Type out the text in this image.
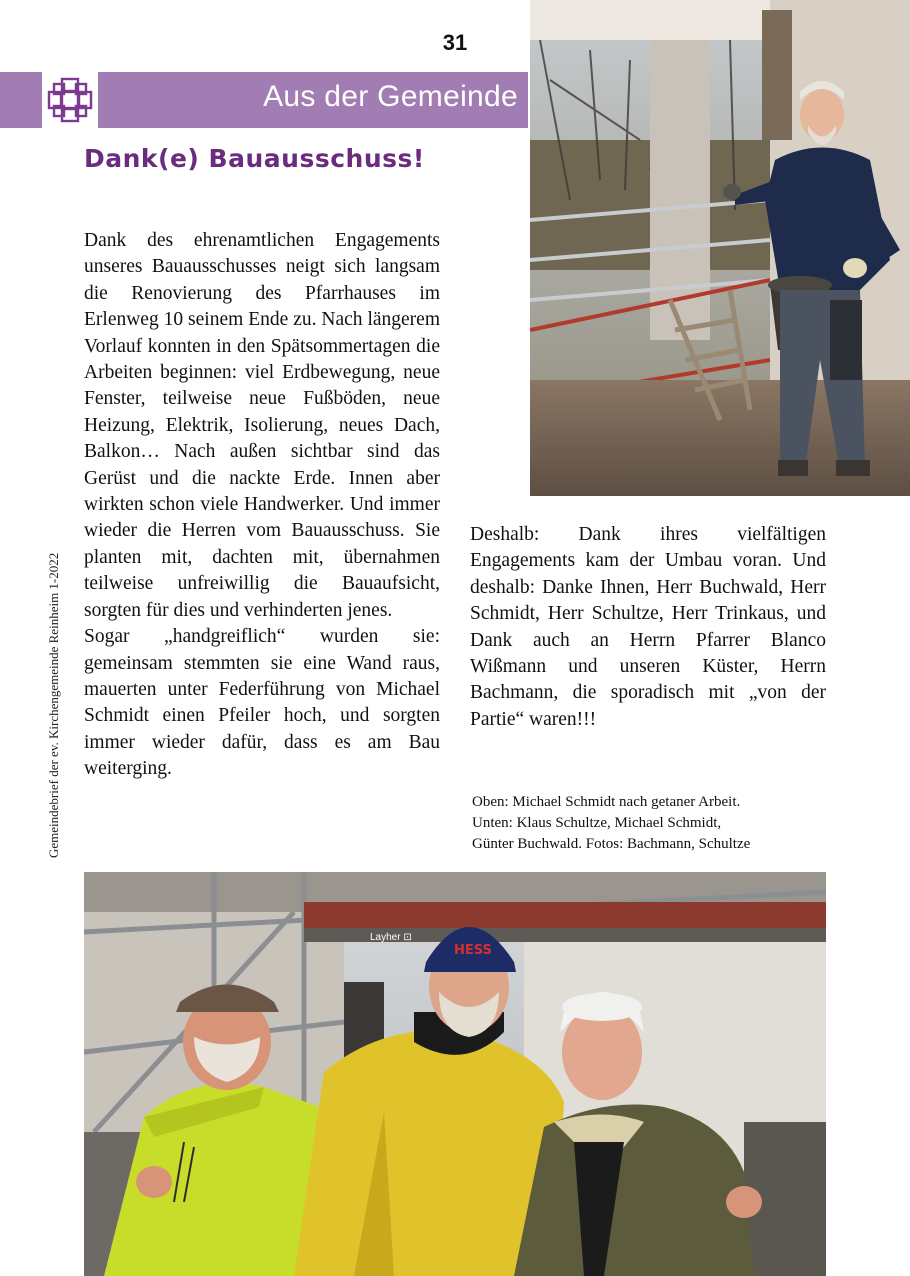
31
Aus der Gemeinde
Dank(e) Bauausschuss!

Dank des ehrenamtlichen Engagements unseres Bauausschusses neigt sich langsam die Renovierung des Pfarrhauses im Erlenweg 10 seinem Ende zu. Nach längerem Vorlauf konnten in den Spätsommertagen die Arbeiten beginnen: viel Erdbewegung, neue Fenster, teilweise neue Fußböden, neue Heizung, Elektrik, Isolierung, neues Dach, Balkon… Nach außen sichtbar sind das Gerüst und die nackte Erde. Innen aber wirkten schon viele Handwerker. Und immer wieder die Herren vom Bauausschuss. Sie planten mit, dachten mit, übernahmen teilweise unfreiwillig die Bauaufsicht, sorgten für dies und verhinderten jenes.

Sogar „handgreiflich“ wurden sie: gemeinsam stemmten sie eine Wand raus, mauerten unter Federführung von Michael Schmidt einen Pfeiler hoch, und sorgten immer wieder dafür, dass es am Bau weiterging.

Deshalb: Dank ihres vielfältigen Engagements kam der Umbau voran. Und deshalb: Danke Ihnen, Herr Buchwald, Herr Schmidt, Herr Schultze, Herr Trinkaus, und Dank auch an Herrn Pfarrer Blanco Wißmann und unseren Küster, Herrn Bachmann, die sporadisch mit „von der Partie“ waren!!!

Oben: Michael Schmidt nach getaner Arbeit.
Unten: Klaus Schultze, Michael Schmidt,
Günter Buchwald. Fotos: Bachmann, Schultze
Gemeindebrief der ev. Kirchengemeinde Reinheim 1-2022
Layher ⊡
HESS
